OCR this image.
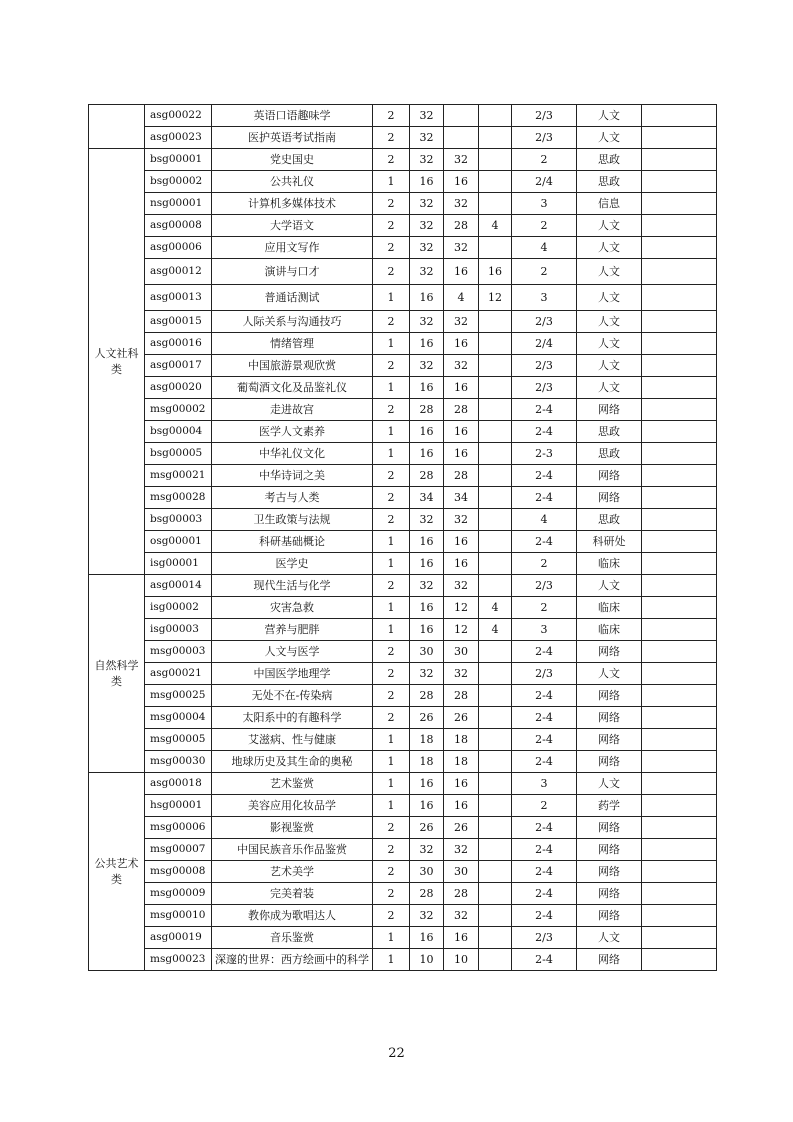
	asg00022	英语口语趣味学	2	32			2/3	人文	
	asg00023	医护英语考试指南	2	32			2/3	人文	
人文社科类	bsg00001	党史国史	2	32	32		2	思政	
	bsg00002	公共礼仪	1	16	16		2/4	思政	
	nsg00001	计算机多媒体技术	2	32	32		3	信息	
	asg00008	大学语文	2	32	28	4	2	人文	
	asg00006	应用文写作	2	32	32		4	人文	
	asg00012	演讲与口才	2	32	16	16	2	人文	
	asg00013	普通话测试	1	16	4	12	3	人文	
	asg00015	人际关系与沟通技巧	2	32	32		2/3	人文	
	asg00016	情绪管理	1	16	16		2/4	人文	
	asg00017	中国旅游景观欣赏	2	32	32		2/3	人文	
	asg00020	葡萄酒文化及品鉴礼仪	1	16	16		2/3	人文	
	msg00002	走进故宫	2	28	28		2-4	网络	
	bsg00004	医学人文素养	1	16	16		2-4	思政	
	bsg00005	中华礼仪文化	1	16	16		2-3	思政	
	msg00021	中华诗词之美	2	28	28		2-4	网络	
	msg00028	考古与人类	2	34	34		2-4	网络	
	bsg00003	卫生政策与法规	2	32	32		4	思政	
	osg00001	科研基础概论	1	16	16		2-4	科研处	
	isg00001	医学史	1	16	16		2	临床	
自然科学类	asg00014	现代生活与化学	2	32	32		2/3	人文	
	isg00002	灾害急救	1	16	12	4	2	临床	
	isg00003	营养与肥胖	1	16	12	4	3	临床	
	msg00003	人文与医学	2	30	30		2-4	网络	
	asg00021	中国医学地理学	2	32	32		2/3	人文	
	msg00025	无处不在-传染病	2	28	28		2-4	网络	
	msg00004	太阳系中的有趣科学	2	26	26		2-4	网络	
	msg00005	艾滋病、性与健康	1	18	18		2-4	网络	
	msg00030	地球历史及其生命的奥秘	1	18	18		2-4	网络	
公共艺术类	asg00018	艺术鉴赏	1	16	16		3	人文	
	hsg00001	美容应用化妆品学	1	16	16		2	药学	
	msg00006	影视鉴赏	2	26	26		2-4	网络	
	msg00007	中国民族音乐作品鉴赏	2	32	32		2-4	网络	
	msg00008	艺术美学	2	30	30		2-4	网络	
	msg00009	完美着装	2	28	28		2-4	网络	
	msg00010	教你成为歌唱达人	2	32	32		2-4	网络	
	asg00019	音乐鉴赏	1	16	16		2/3	人文	
	msg00023	深邃的世界：西方绘画中的科学	1	10	10		2-4	网络	
22
